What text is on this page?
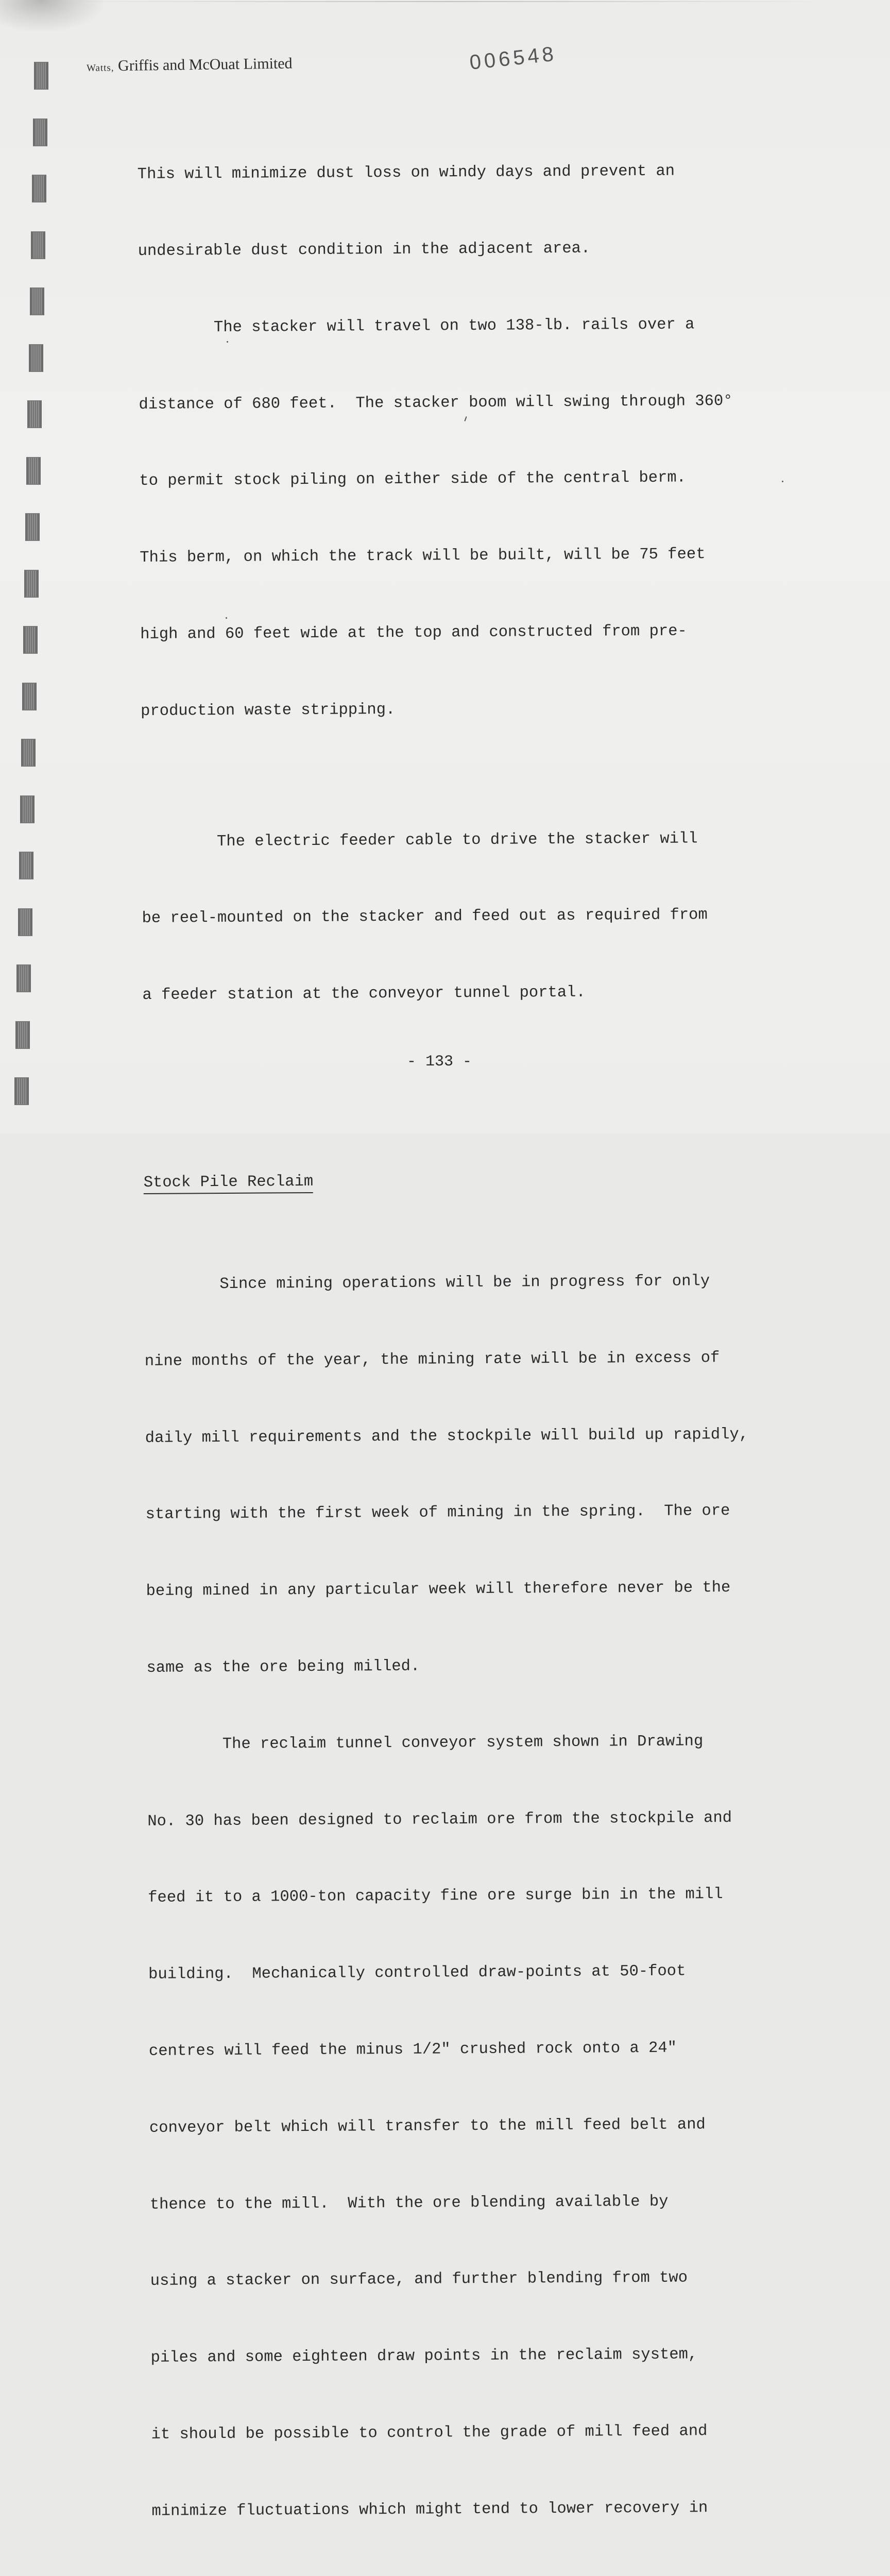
Watts, Griffis and McOuat Limited	006548

This will minimize dust loss on windy days and prevent an

undesirable dust condition in the adjacent area.

The stacker will travel on two 138-lb. rails over a

distance of 680 feet.  The stacker boom will swing through 360°

to permit stock piling on either side of the central berm.

This berm, on which the track will be built, will be 75 feet

high and 60 feet wide at the top and constructed from pre-

production waste stripping.

The electric feeder cable to drive the stacker will

be reel-mounted on the stacker and feed out as required from

a feeder station at the conveyor tunnel portal.

Stock Pile Reclaim

Since mining operations will be in progress for only

nine months of the year, the mining rate will be in excess of

daily mill requirements and the stockpile will build up rapidly,

starting with the first week of mining in the spring.  The ore

being mined in any particular week will therefore never be the

same as the ore being milled.

The reclaim tunnel conveyor system shown in Drawing

No. 30 has been designed to reclaim ore from the stockpile and

feed it to a 1000-ton capacity fine ore surge bin in the mill

building.  Mechanically controlled draw-points at 50-foot

centres will feed the minus 1/2" crushed rock onto a 24"

conveyor belt which will transfer to the mill feed belt and

thence to the mill.  With the ore blending available by

using a stacker on surface, and further blending from two

piles and some eighteen draw points in the reclaim system,

it should be possible to control the grade of mill feed and

minimize fluctuations which might tend to lower recovery in

- 133 -
